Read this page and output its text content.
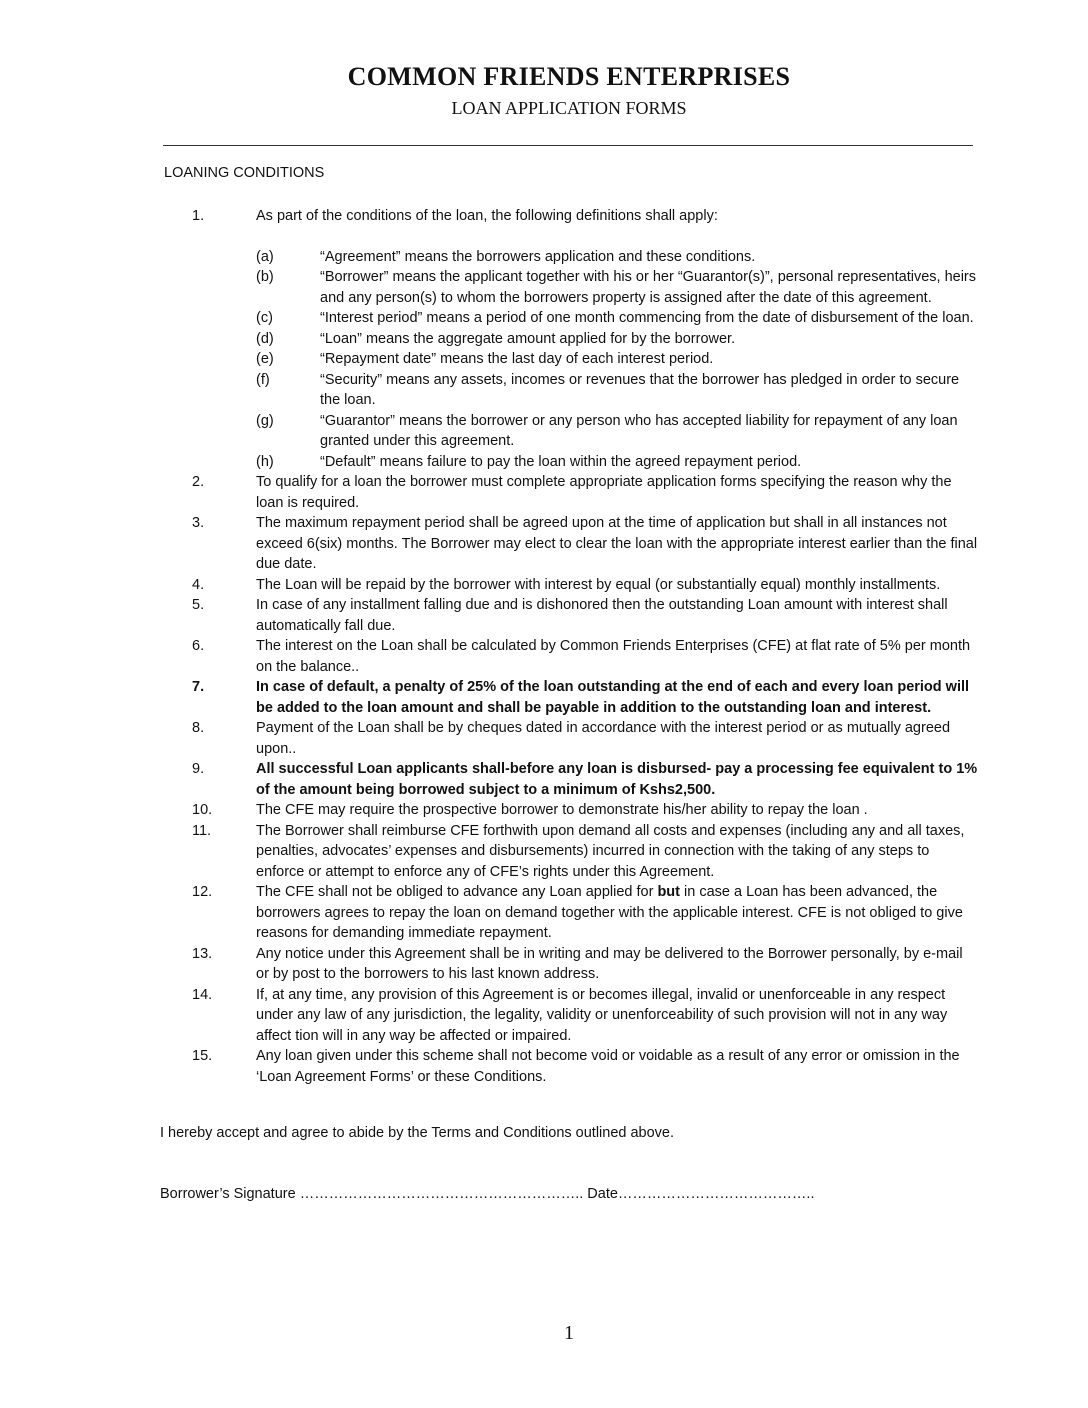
COMMON FRIENDS ENTERPRISES
LOAN APPLICATION FORMS
LOANING CONDITIONS
1.	As part of the conditions of the loan, the following definitions shall apply:
(a)	“Agreement” means the borrowers application and these conditions.
(b)	“Borrower” means the applicant together with his or her “Guarantor(s)”, personal representatives, heirs and any person(s) to whom the borrowers property is assigned after the date of this agreement.
(c)	“Interest period” means a period of one month commencing from the date of disbursement of the loan.
(d)	“Loan” means the aggregate amount applied for by the borrower.
(e)	“Repayment date” means the last day of each interest period.
(f)	“Security” means any assets, incomes or revenues that the borrower has pledged in order to secure the loan.
(g)	“Guarantor” means the borrower or any person who has accepted liability for repayment of any loan granted under this agreement.
(h)	“Default” means failure to pay the loan within the agreed repayment period.
2.	To qualify for a loan the borrower must complete appropriate application forms specifying the reason why the loan is required.
3.	The maximum repayment period shall be agreed upon at the time of application but shall in all instances not exceed 6(six) months. The Borrower may elect to clear the loan with the appropriate interest earlier than the final due date.
4.	The Loan will be repaid by the borrower with interest by equal (or substantially equal) monthly installments.
5.	In case of any installment falling due and is dishonored then the outstanding Loan amount with interest shall automatically fall due.
6.	The interest on the Loan shall be calculated by Common Friends Enterprises (CFE) at flat rate of 5% per month on the balance..
7.	In case of default, a penalty of 25% of the loan outstanding at the end of each and every loan period will be added to the loan amount and shall be payable in addition to the outstanding loan and interest.
8.	Payment of the Loan shall be by cheques dated in accordance with the interest period or as mutually agreed upon..
9.	All successful Loan applicants shall-before any loan is disbursed- pay a processing fee equivalent to 1% of the amount being borrowed subject to a minimum of Kshs2,500.
10.	The CFE may require the prospective borrower to demonstrate his/her ability to repay the loan .
11.	The Borrower shall reimburse CFE forthwith upon demand all costs and expenses (including any and all taxes, penalties, advocates’ expenses and disbursements) incurred in connection with the taking of any steps to enforce or attempt to enforce any of CFE’s rights under this Agreement.
12.	The CFE shall not be obliged to advance any Loan applied for but in case a Loan has been advanced, the borrowers agrees to repay the loan on demand together with the applicable interest. CFE is not obliged to give reasons for demanding immediate repayment.
13.	Any notice under this Agreement shall be in writing and may be delivered to the Borrower personally, by e-mail or by post to the borrowers to his last known address.
14.	If, at any time, any provision of this Agreement is or becomes illegal, invalid or unenforceable in any respect under any law of any jurisdiction, the legality, validity or unenforceability of such provision will not in any way affect tion will in any way be affected or impaired.
15.	Any loan given under this scheme shall not become void or voidable as a result of any error or omission in the ‘Loan Agreement Forms’ or these Conditions.
I hereby accept and agree to abide by the Terms and Conditions outlined above.
Borrower’s Signature ………………………………………………….. Date…………………………………..
1
